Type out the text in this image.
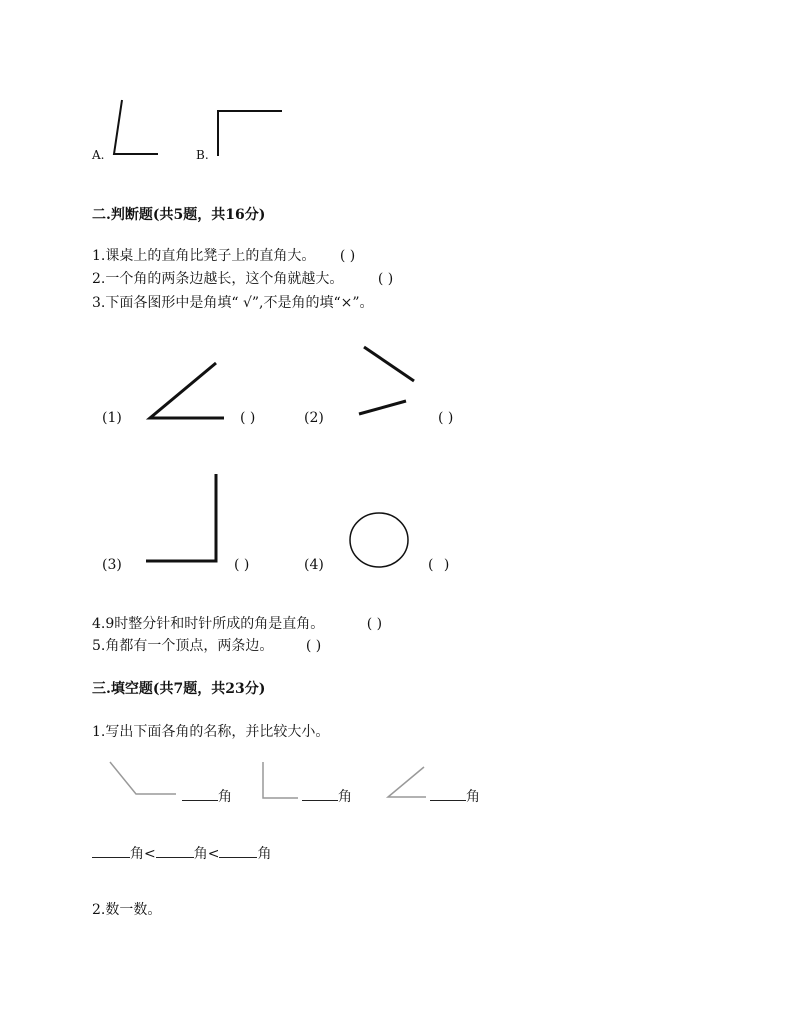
A.	B.
二.判断题(共5题，共16分)
1.课桌上的直角比凳子上的直角大。 ( )
2.一个角的两条边越长，这个角就越大。 ( )
3.下面各图形中是角填“ √”,不是角的填“×”。
(1)	( )	(2)	( )
(3)	( )	(4)	( )
4.9时整分针和时针所成的角是直角。	( )
5.角都有一个顶点，两条边。 ( )
三.填空题(共7题，共23分)
1.写出下面各角的名称，并比较大小。
角	角	角
角<	角<	角
2.数一数。
